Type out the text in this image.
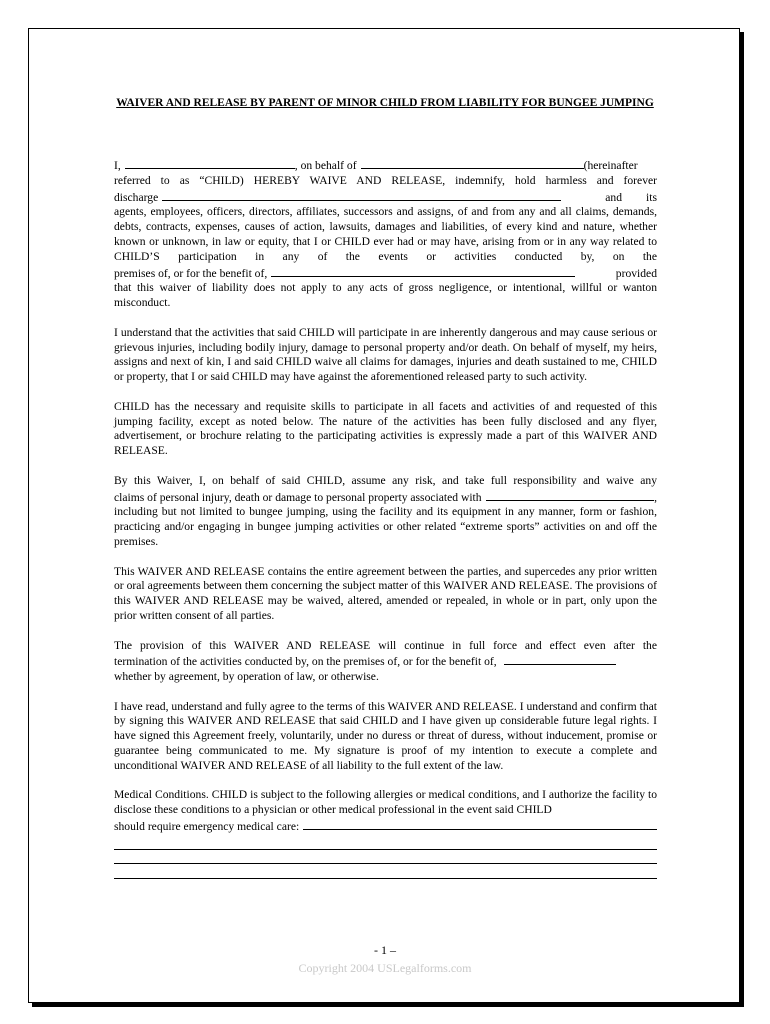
WAIVER AND RELEASE BY PARENT OF MINOR CHILD FROM LIABILITY FOR BUNGEE JUMPING
I,	, on behalf of	(hereinafter
referred to as “CHILD) HEREBY WAIVE AND RELEASE, indemnify, hold harmless and forever
discharge	and its
agents, employees, officers, directors, affiliates, successors and assigns, of and from any and all claims, demands, debts, contracts, expenses, causes of action, lawsuits, damages and liabilities, of every kind and nature, whether known or unknown, in law or equity, that I or CHILD ever had or may have, arising from or in any way related to CHILD’S participation in any of the events or activities conducted by, on the
premises of, or for the benefit of,	provided
that this waiver of liability does not apply to any acts of gross negligence, or intentional, willful or wanton misconduct.
I understand that the activities that said CHILD will participate in are inherently dangerous and may cause serious or grievous injuries, including bodily injury, damage to personal property and/or death. On behalf of myself, my heirs, assigns and next of kin, I and said CHILD waive all claims for damages, injuries and death sustained to me, CHILD or property, that I or said CHILD may have against the aforementioned released party to such activity.
CHILD has the necessary and requisite skills to participate in all facets and activities of and requested of this jumping facility, except as noted below. The nature of the activities has been fully disclosed and any flyer, advertisement, or brochure relating to the participating activities is expressly made a part of this WAIVER AND RELEASE.
By this Waiver, I, on behalf of said CHILD, assume any risk, and take full responsibility and waive any
claims of personal injury, death or damage to personal property associated with	,
including but not limited to bungee jumping, using the facility and its equipment in any manner, form or fashion, practicing and/or engaging in bungee jumping activities or other related “extreme sports” activities on and off the premises.
This WAIVER AND RELEASE contains the entire agreement between the parties, and supercedes any prior written or oral agreements between them concerning the subject matter of this WAIVER AND RELEASE. The provisions of this WAIVER AND RELEASE may be waived, altered, amended or repealed, in whole or in part, only upon the prior written consent of all parties.
The provision of this WAIVER AND RELEASE will continue in full force and effect even after the
termination of the activities conducted by, on the premises of, or for the benefit of,
whether by agreement, by operation of law, or otherwise.
I have read, understand and fully agree to the terms of this WAIVER AND RELEASE. I understand and confirm that by signing this WAIVER AND RELEASE that said CHILD and I have given up considerable future legal rights. I have signed this Agreement freely, voluntarily, under no duress or threat of duress, without inducement, promise or guarantee being communicated to me. My signature is proof of my intention to execute a complete and unconditional WAIVER AND RELEASE of all liability to the full extent of the law.
Medical Conditions. CHILD is subject to the following allergies or medical conditions, and I authorize the facility to disclose these conditions to a physician or other medical professional in the event said CHILD
should require emergency medical care:
- 1 –
Copyright 2004 USLegalforms.com
